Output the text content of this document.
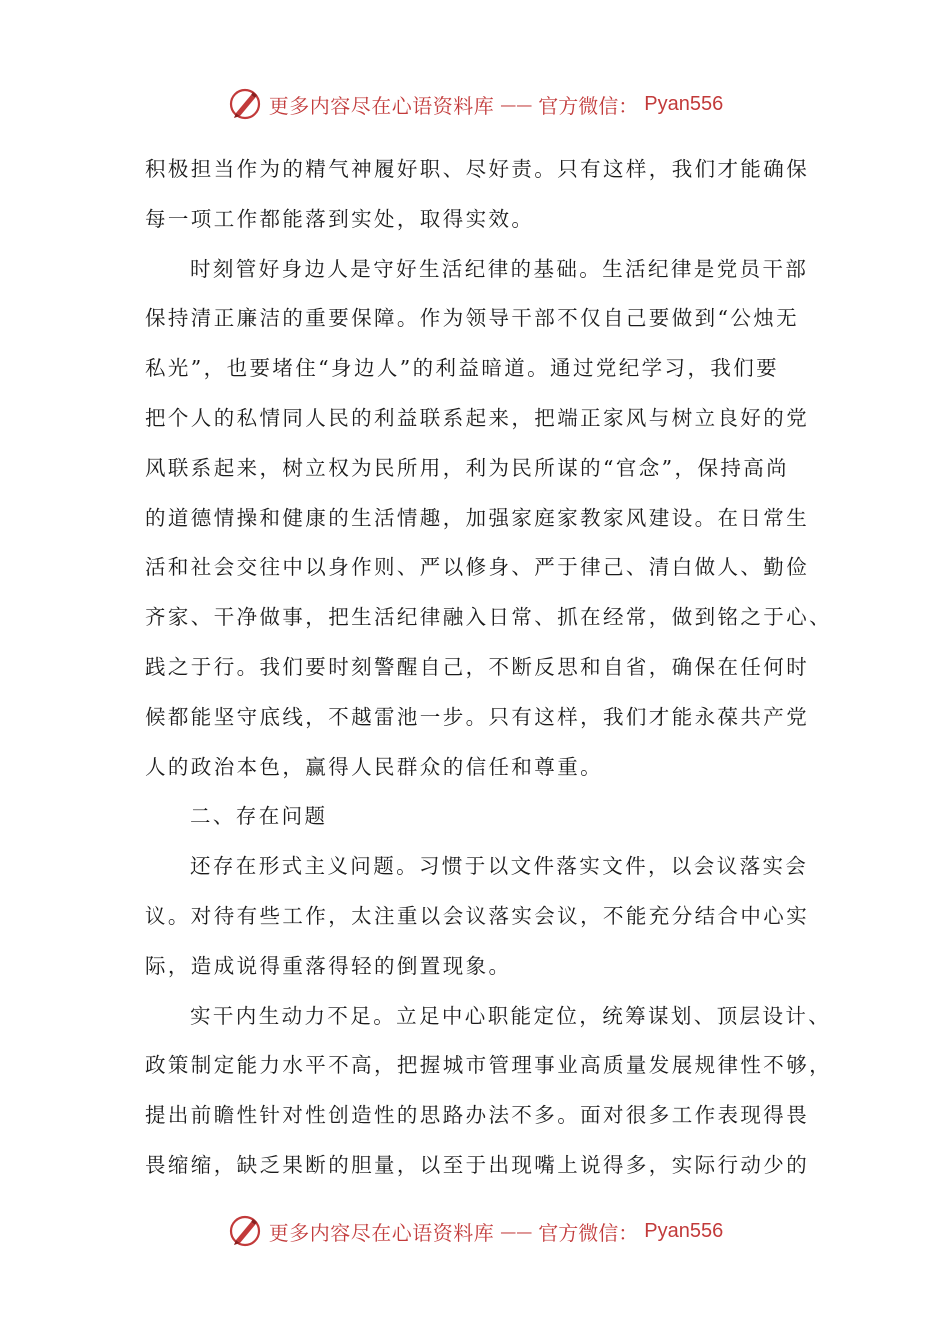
更多内容尽在心语资料库 —— 官方微信： Pyan556
积极担当作为的精气神履好职、尽好责。只有这样，我们才能确保
每一项工作都能落到实处，取得实效。
时刻管好身边人是守好生活纪律的基础。生活纪律是党员干部
保持清正廉洁的重要保障。作为领导干部不仅自己要做到“公烛无
私光”，也要堵住“身边人”的利益暗道。通过党纪学习，我们要
把个人的私情同人民的利益联系起来，把端正家风与树立良好的党
风联系起来，树立权为民所用，利为民所谋的“官念”，保持高尚
的道德情操和健康的生活情趣，加强家庭家教家风建设。在日常生
活和社会交往中以身作则、严以修身、严于律己、清白做人、勤俭
齐家、干净做事，把生活纪律融入日常、抓在经常，做到铭之于心、
践之于行。我们要时刻警醒自己，不断反思和自省，确保在任何时
候都能坚守底线，不越雷池一步。只有这样，我们才能永葆共产党
人的政治本色，赢得人民群众的信任和尊重。
二、存在问题
还存在形式主义问题。习惯于以文件落实文件，以会议落实会
议。对待有些工作，太注重以会议落实会议，不能充分结合中心实
际，造成说得重落得轻的倒置现象。
实干内生动力不足。立足中心职能定位，统筹谋划、顶层设计、
政策制定能力水平不高，把握城市管理事业高质量发展规律性不够，
提出前瞻性针对性创造性的思路办法不多。面对很多工作表现得畏
畏缩缩，缺乏果断的胆量，以至于出现嘴上说得多，实际行动少的
更多内容尽在心语资料库 —— 官方微信： Pyan556
